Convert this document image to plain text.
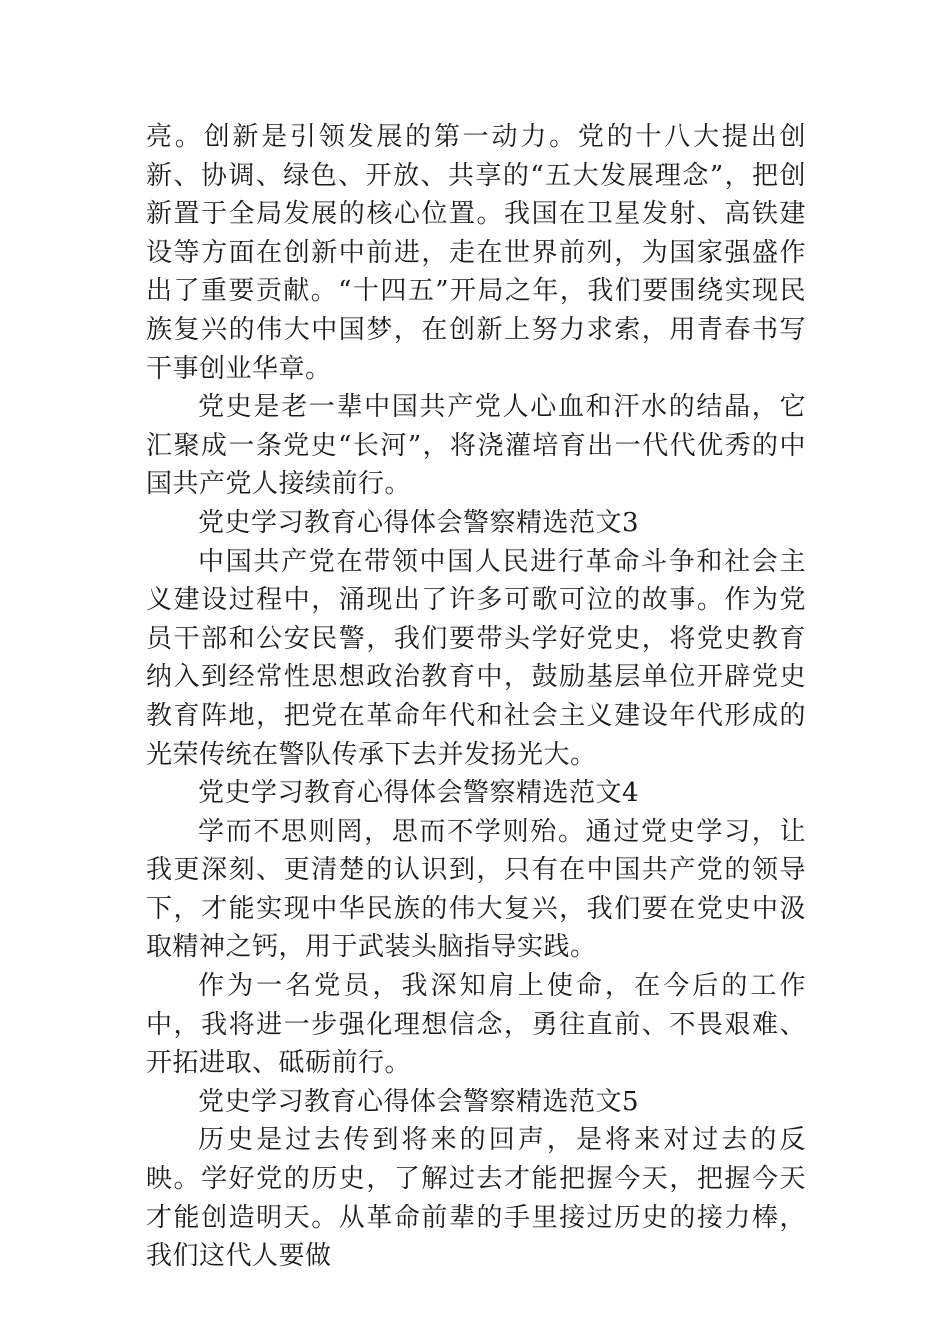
亮。创新是引领发展的第一动力。党的十八大提出创新、协调、绿色、开放、共享的“五大发展理念”，把创新置于全局发展的核心位置。我国在卫星发射、高铁建设等方面在创新中前进，走在世界前列，为国家强盛作出了重要贡献。“十四五”开局之年，我们要围绕实现民族复兴的伟大中国梦，在创新上努力求索，用青春书写干事创业华章。

党史是老一辈中国共产党人心血和汗水的结晶，它汇聚成一条党史“长河”，将浇灌培育出一代代优秀的中国共产党人接续前行。

党史学习教育心得体会警察精选范文3

中国共产党在带领中国人民进行革命斗争和社会主义建设过程中，涌现出了许多可歌可泣的故事。作为党员干部和公安民警，我们要带头学好党史，将党史教育纳入到经常性思想政治教育中，鼓励基层单位开辟党史教育阵地，把党在革命年代和社会主义建设年代形成的光荣传统在警队传承下去并发扬光大。

党史学习教育心得体会警察精选范文4

学而不思则罔，思而不学则殆。通过党史学习，让我更深刻、更清楚的认识到，只有在中国共产党的领导下，才能实现中华民族的伟大复兴，我们要在党史中汲取精神之钙，用于武装头脑指导实践。

作为一名党员，我深知肩上使命，在今后的工作中，我将进一步强化理想信念，勇往直前、不畏艰难、开拓进取、砥砺前行。

党史学习教育心得体会警察精选范文5

历史是过去传到将来的回声，是将来对过去的反映。学好党的历史，了解过去才能把握今天，把握今天才能创造明天。从革命前辈的手里接过历史的接力棒，我们这代人要做
